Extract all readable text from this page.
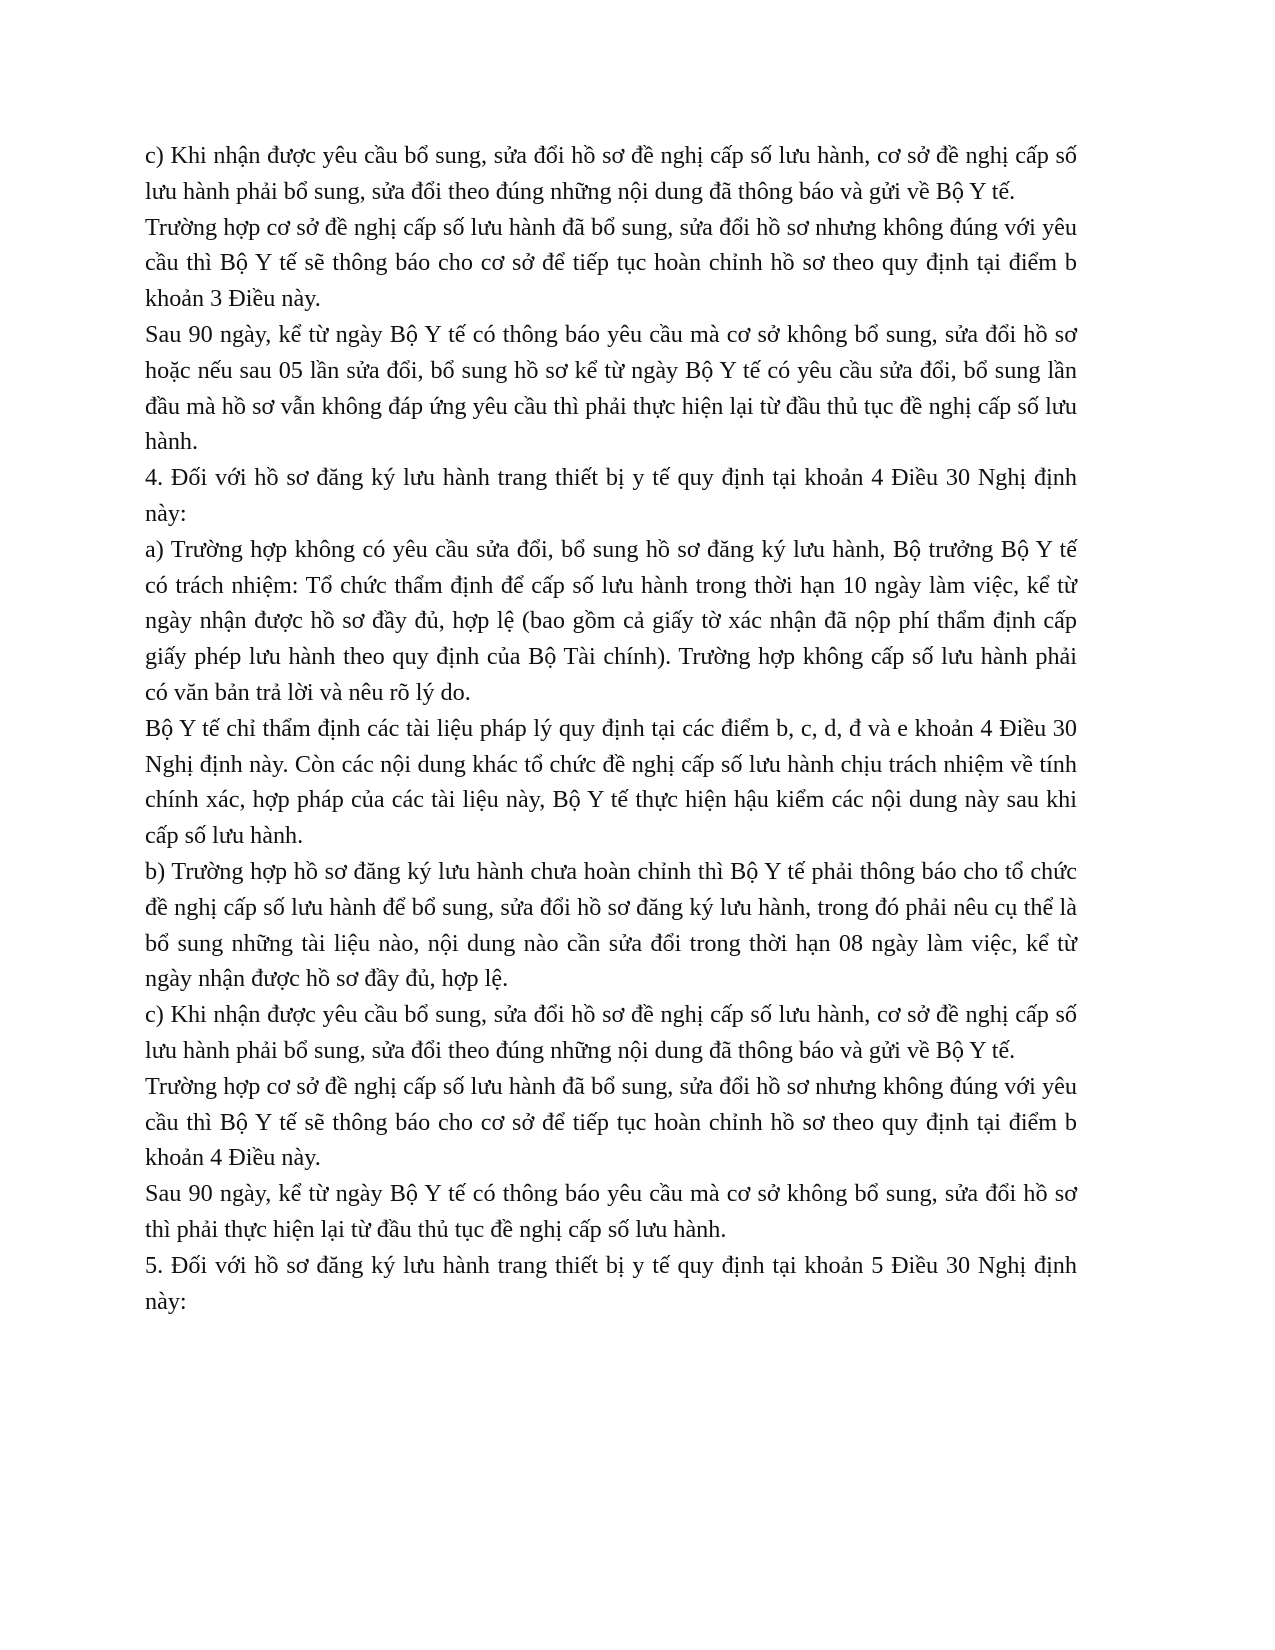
c) Khi nhận được yêu cầu bổ sung, sửa đổi hồ sơ đề nghị cấp số lưu hành, cơ sở đề nghị cấp số lưu hành phải bổ sung, sửa đổi theo đúng những nội dung đã thông báo và gửi về Bộ Y tế.

Trường hợp cơ sở đề nghị cấp số lưu hành đã bổ sung, sửa đổi hồ sơ nhưng không đúng với yêu cầu thì Bộ Y tế sẽ thông báo cho cơ sở để tiếp tục hoàn chỉnh hồ sơ theo quy định tại điểm b khoản 3 Điều này.

Sau 90 ngày, kể từ ngày Bộ Y tế có thông báo yêu cầu mà cơ sở không bổ sung, sửa đổi hồ sơ hoặc nếu sau 05 lần sửa đổi, bổ sung hồ sơ kể từ ngày Bộ Y tế có yêu cầu sửa đổi, bổ sung lần đầu mà hồ sơ vẫn không đáp ứng yêu cầu thì phải thực hiện lại từ đầu thủ tục đề nghị cấp số lưu hành.

4. Đối với hồ sơ đăng ký lưu hành trang thiết bị y tế quy định tại khoản 4 Điều 30 Nghị định này:

a) Trường hợp không có yêu cầu sửa đổi, bổ sung hồ sơ đăng ký lưu hành, Bộ trưởng Bộ Y tế có trách nhiệm: Tổ chức thẩm định để cấp số lưu hành trong thời hạn 10 ngày làm việc, kể từ ngày nhận được hồ sơ đầy đủ, hợp lệ (bao gồm cả giấy tờ xác nhận đã nộp phí thẩm định cấp giấy phép lưu hành theo quy định của Bộ Tài chính). Trường hợp không cấp số lưu hành phải có văn bản trả lời và nêu rõ lý do.

Bộ Y tế chỉ thẩm định các tài liệu pháp lý quy định tại các điểm b, c, d, đ và e khoản 4 Điều 30 Nghị định này. Còn các nội dung khác tổ chức đề nghị cấp số lưu hành chịu trách nhiệm về tính chính xác, hợp pháp của các tài liệu này, Bộ Y tế thực hiện hậu kiểm các nội dung này sau khi cấp số lưu hành.

b) Trường hợp hồ sơ đăng ký lưu hành chưa hoàn chỉnh thì Bộ Y tế phải thông báo cho tổ chức đề nghị cấp số lưu hành để bổ sung, sửa đổi hồ sơ đăng ký lưu hành, trong đó phải nêu cụ thể là bổ sung những tài liệu nào, nội dung nào cần sửa đổi trong thời hạn 08 ngày làm việc, kể từ ngày nhận được hồ sơ đầy đủ, hợp lệ.

c) Khi nhận được yêu cầu bổ sung, sửa đổi hồ sơ đề nghị cấp số lưu hành, cơ sở đề nghị cấp số lưu hành phải bổ sung, sửa đổi theo đúng những nội dung đã thông báo và gửi về Bộ Y tế.

Trường hợp cơ sở đề nghị cấp số lưu hành đã bổ sung, sửa đổi hồ sơ nhưng không đúng với yêu cầu thì Bộ Y tế sẽ thông báo cho cơ sở để tiếp tục hoàn chỉnh hồ sơ theo quy định tại điểm b khoản 4 Điều này.

Sau 90 ngày, kể từ ngày Bộ Y tế có thông báo yêu cầu mà cơ sở không bổ sung, sửa đổi hồ sơ thì phải thực hiện lại từ đầu thủ tục đề nghị cấp số lưu hành.

5. Đối với hồ sơ đăng ký lưu hành trang thiết bị y tế quy định tại khoản 5 Điều 30 Nghị định này:
